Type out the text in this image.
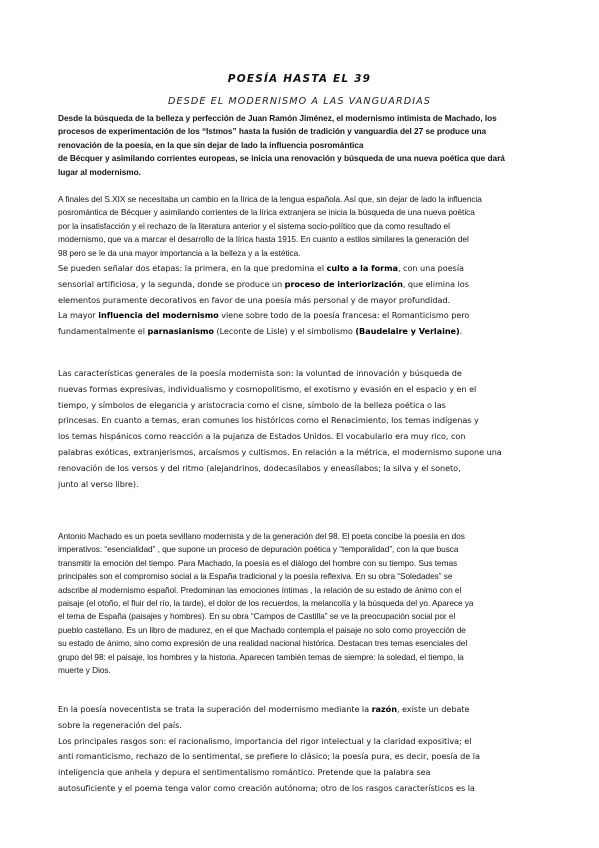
POESÍA HASTA EL 39
DESDE EL MODERNISMO A LAS VANGUARDIAS
Desde la búsqueda de la belleza y perfección de Juan Ramón Jiménez, el modernismo intimista de Machado, los
procesos de experimentación de los “Istmos” hasta la fusión de tradición y vanguardia del 27 se produce una
renovación de la poesía, en la que sin dejar de lado la influencia posromántica
de Bécquer y asimilando corrientes europeas, se inicia una renovación y búsqueda de una nueva poética que dará
lugar al modernismo.
A finales del S.XIX se necesitaba un cambio en la lírica de la lengua española. Así que, sin dejar de lado la influencia
posromántica de Bécquer y asimilando corrientes de la lírica extranjera se inicia la búsqueda de una nueva poética
por la insatisfacción y el rechazo de la literatura anterior y el sistema socio-político que da como resultado el
modernismo, que va a marcar el desarrollo de la lírica hasta 1915. En cuanto a estilos similares la generación del
98 pero se le da una mayor importancia a la belleza y a la estética.
Se pueden señalar dos etapas: la primera, en la que predomina el culto a la forma, con una poesía
sensorial artificiosa, y la segunda, donde se produce un proceso de interiorización, que elimina los
elementos puramente decorativos en favor de una poesía más personal y de mayor profundidad.
La mayor influencia del modernismo viene sobre todo de la poesía francesa: el Romanticismo pero
fundamentalmente el parnasianismo (Leconte de Lisle) y el simbolismo (Baudelaire y Verlaine).
Las características generales de la poesía modernista son: la voluntad de innovación y búsqueda de
nuevas formas expresivas, individualismo y cosmopolitismo, el exotismo y evasión en el espacio y en el
tiempo, y símbolos de elegancia y aristocracia como el cisne, símbolo de la belleza poética o las
princesas. En cuanto a temas, eran comunes los históricos como el Renacimiento, los temas indígenas y
los temas hispánicos como reacción a la pujanza de Estados Unidos. El vocabulario era muy rico, con
palabras exóticas, extranjerismos, arcaísmos y cultismos. En relación a la métrica, el modernismo supone una
renovación de los versos y del ritmo (alejandrinos, dodecasílabos y eneasílabos; la silva y el soneto,
junto al verso libre).
Antonio Machado es un poeta sevillano modernista y de la generación del 98. El poeta concibe la poesía en dos
imperativos: “esencialidad” , que supone un proceso de depuración poética y “temporalidad”, con la que busca
transmitir la emoción del tiempo. Para Machado, la poesía es el diálogo del hombre con su tiempo. Sus temas
principales son el compromiso social a la España tradicional y la poesía reflexiva. En su obra “Soledades” se
adscribe al modernismo español. Predominan las emociones íntimas , la relación de su estado de ánimo con el
paisaje (el otoño, el fluir del río, la tarde), el dolor de los recuerdos, la melancolía y la búsqueda del yo. Aparece ya
el tema de España (paisajes y hombres). En su obra “Campos de Castilla” se ve la preocupación social por el
pueblo castellano. Es un libro de madurez, en el que Machado contempla el paisaje no solo como proyección de
su estado de ánimo, sino como expresión de una realidad nacional histórica. Destacan tres temas esenciales del
grupo del 98: el paisaje, los hombres y la historia. Aparecen también temas de siempre: la soledad, el tiempo, la
muerte y Dios.
En la poesía novecentista se trata la superación del modernismo mediante la razón, existe un debate
sobre la regeneración del país.
Los principales rasgos son: el racionalismo, importancia del rigor intelectual y la claridad expositiva; el
anti romanticismo, rechazo de lo sentimental, se prefiere lo clásico; la poesía pura, es decir, poesía de la
inteligencia que anhela y depura el sentimentalismo romántico. Pretende que la palabra sea
autosuficiente y el poema tenga valor como creación autónoma; otro de los rasgos característicos es la
